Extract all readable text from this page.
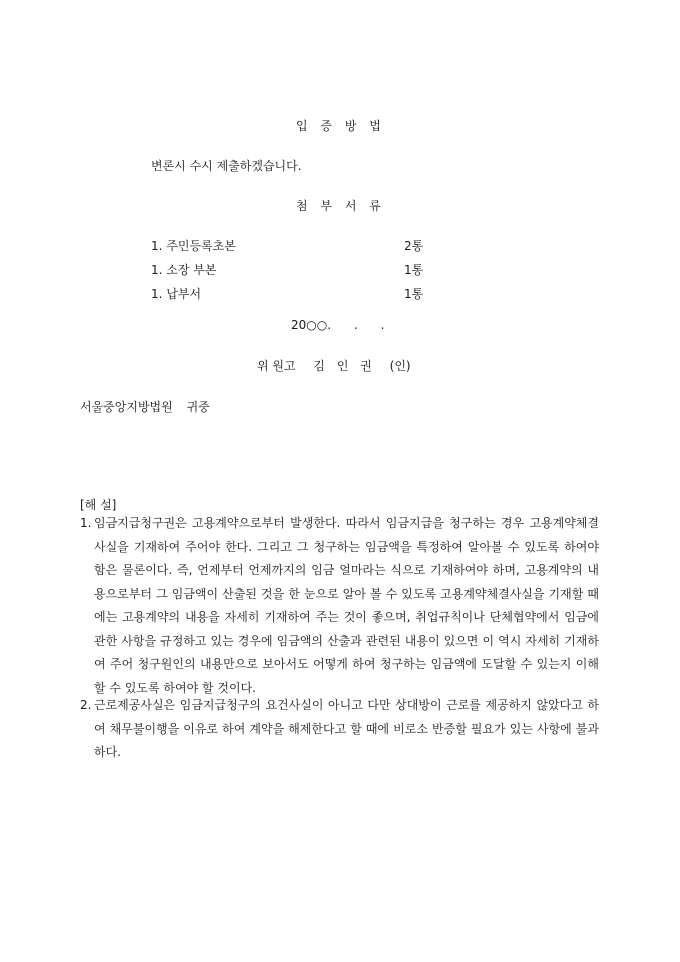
입 증 방 법
변론시 수시 제출하겠습니다.
첨 부 서 류
1. 주민등록초본	2통
1. 소장 부본	1통
1. 납부서	1통
20○○.      .      .
위 원고 김 인 권 (인)
서울중앙지방법원 귀중
[해 설]
1. 임금지급청구권은 고용계약으로부터 발생한다. 따라서 임금지급을 청구하는 경우 고용계약체결사실을 기재하여 주어야 한다. 그리고 그 청구하는 임금액을 특정하여 알아볼 수 있도록 하여야 함은 물론이다. 즉, 언제부터 언제까지의 임금 얼마라는 식으로 기재하여야 하며, 고용계약의 내용으로부터 그 임금액이 산출된 것을 한 눈으로 알아 볼 수 있도록 고용계약체결사실을 기재할 때에는 고용계약의 내용을 자세히 기재하여 주는 것이 좋으며, 취업규칙이나 단체협약에서 임금에 관한 사항을 규정하고 있는 경우에 임금액의 산출과 관련된 내용이 있으면 이 역시 자세히 기재하여 주어 청구원인의 내용만으로 보아서도 어떻게 하여 청구하는 임금액에 도달할 수 있는지 이해할 수 있도록 하여야 할 것이다.
2. 근로제공사실은 임금지급청구의 요건사실이 아니고 다만 상대방이 근로를 제공하지 않았다고 하여 채무불이행을 이유로 하여 계약을 해제한다고 할 때에 비로소 반증할 필요가 있는 사항에 불과하다.
